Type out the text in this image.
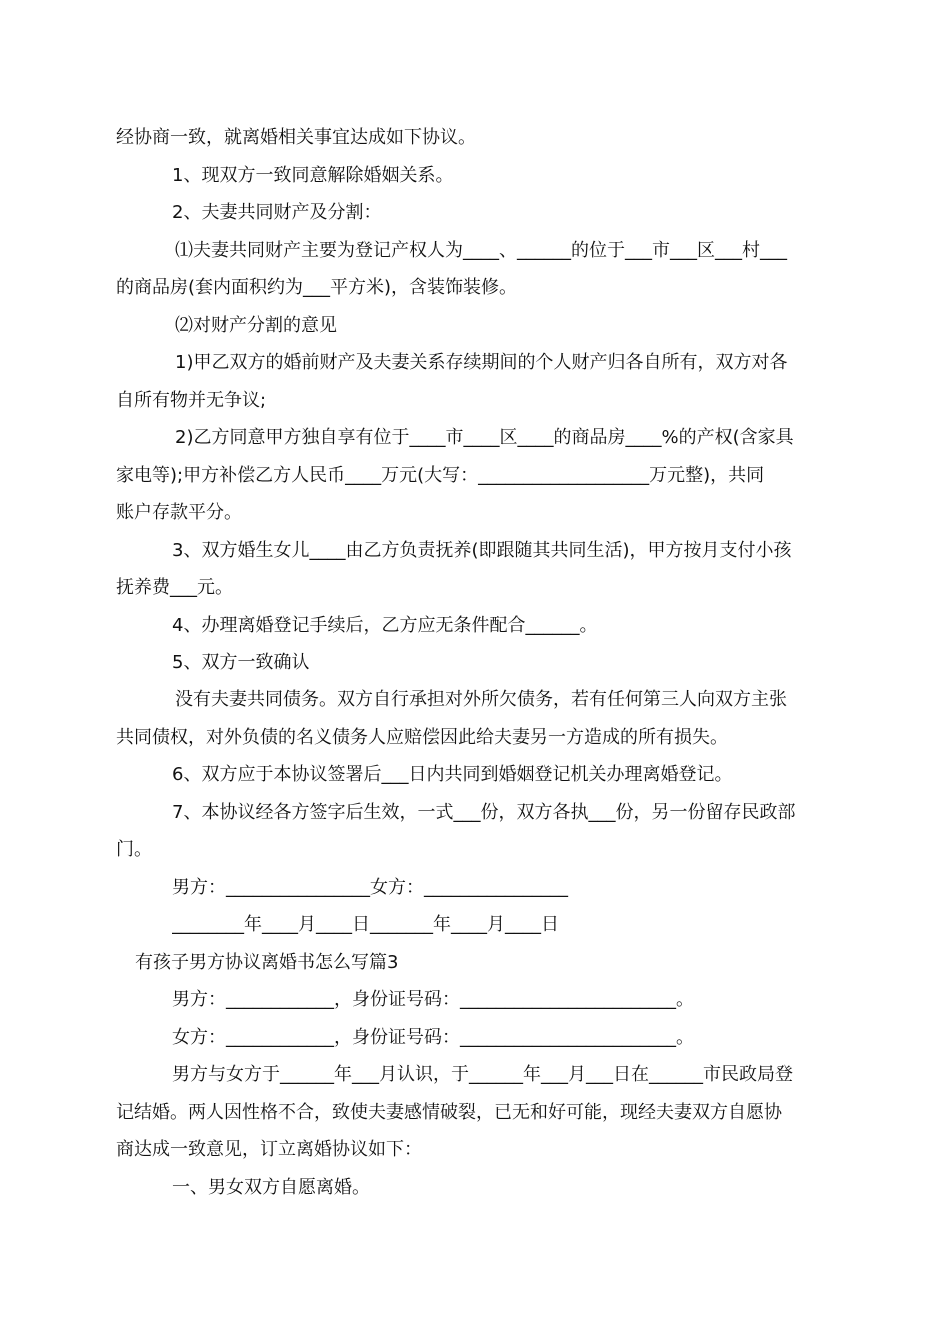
经协商一致，就离婚相关事宜达成如下协议。
1、现双方一致同意解除婚姻关系。
2、夫妻共同财产及分割：
⑴夫妻共同财产主要为登记产权人为____、______的位于___市___区___村___
的商品房(套内面积约为___平方米)，含装饰装修。
⑵对财产分割的意见
1)甲乙双方的婚前财产及夫妻关系存续期间的个人财产归各自所有，双方对各
自所有物并无争议;
2)乙方同意甲方独自享有位于____市____区____的商品房____%的产权(含家具
家电等);甲方补偿乙方人民币____万元(大写：___________________万元整)，共同
账户存款平分。
3、双方婚生女儿____由乙方负责抚养(即跟随其共同生活)，甲方按月支付小孩
抚养费___元。
4、办理离婚登记手续后，乙方应无条件配合______。
5、双方一致确认
没有夫妻共同债务。双方自行承担对外所欠债务，若有任何第三人向双方主张
共同债权，对外负债的名义债务人应赔偿因此给夫妻另一方造成的所有损失。
6、双方应于本协议签署后___日内共同到婚姻登记机关办理离婚登记。
7、本协议经各方签字后生效，一式___份，双方各执___份，另一份留存民政部
门。
男方：________________女方：________________
________年____月____日_______年____月____日
有孩子男方协议离婚书怎么写篇3
男方：____________，身份证号码：________________________。
女方：____________，身份证号码：________________________。
男方与女方于______年___月认识，于______年___月___日在______市民政局登
记结婚。两人因性格不合，致使夫妻感情破裂，已无和好可能，现经夫妻双方自愿协
商达成一致意见，订立离婚协议如下：
一、男女双方自愿离婚。
